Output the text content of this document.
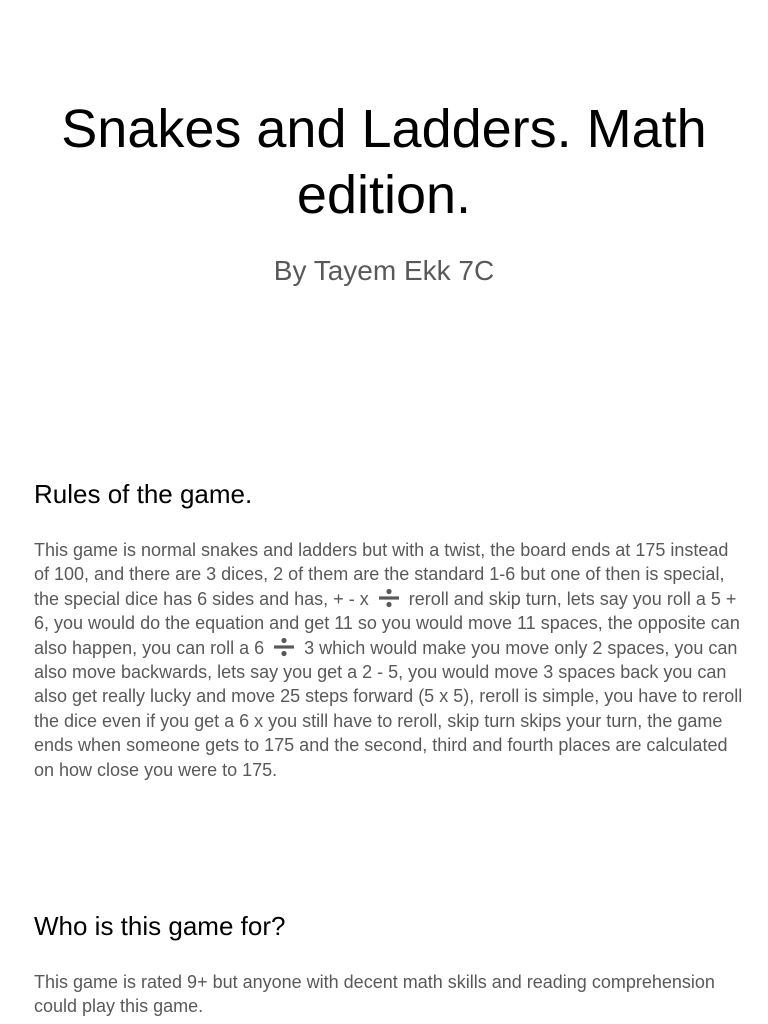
Snakes and Ladders. Math edition.

By Tayem Ekk 7C

Rules of the game.

This game is normal snakes and ladders but with a twist, the board ends at 175 instead of 100, and there are 3 dices, 2 of them are the standard 1-6 but one of then is special, the special dice has 6 sides and has, + - x  reroll and skip turn, lets say you roll a 5 + 6, you would do the equation and get 11 so you would move 11 spaces, the opposite can also happen, you can roll a 6  3 which would make you move only 2 spaces, you can also move backwards, lets say you get a 2 - 5, you would move 3 spaces back you can also get really lucky and move 25 steps forward (5 x 5), reroll is simple, you have to reroll the dice even if you get a 6 x you still have to reroll, skip turn skips your turn, the game ends when someone gets to 175 and the second, third and fourth places are calculated on how close you were to 175.

Who is this game for?

This game is rated 9+ but anyone with decent math skills and reading comprehension could play this game.
